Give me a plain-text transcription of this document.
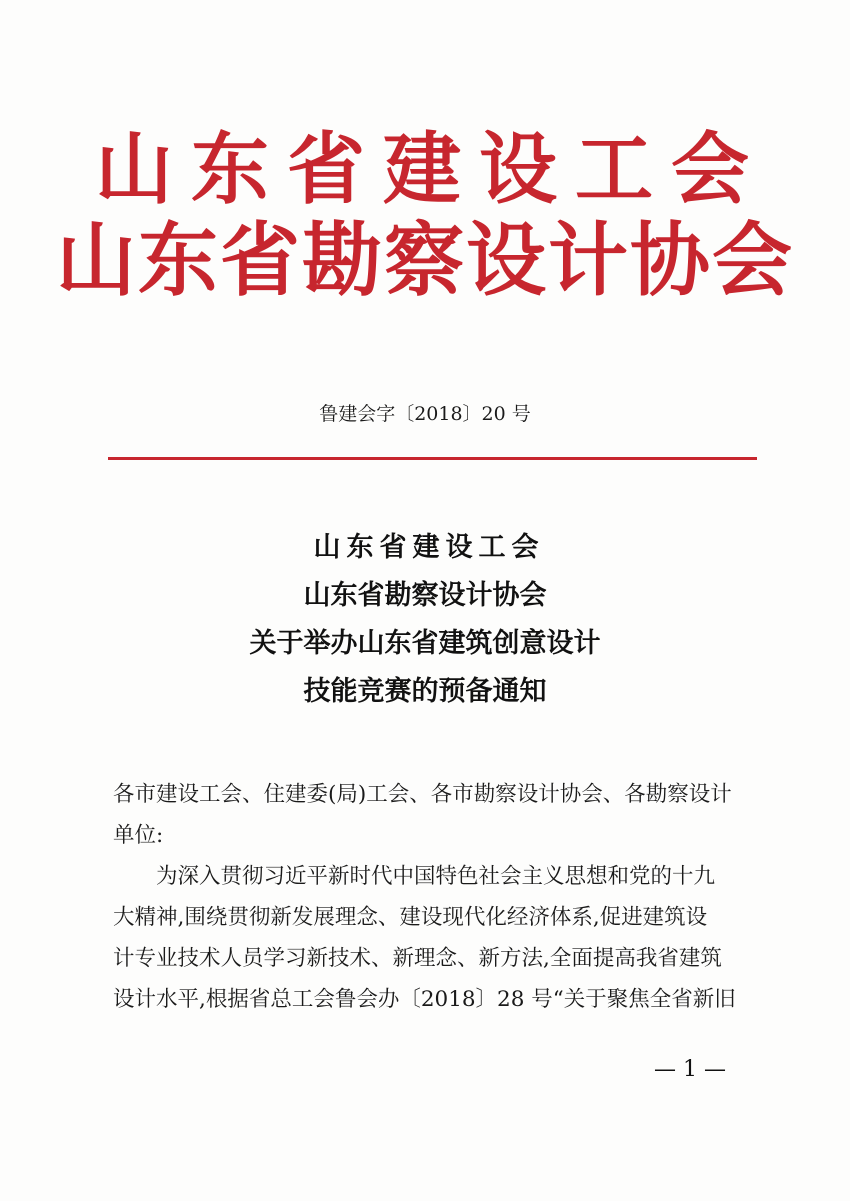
山东省建设工会
山东省勘察设计协会
鲁建会字〔2018〕20 号
山东省建设工会
山东省勘察设计协会
关于举办山东省建筑创意设计
技能竞赛的预备通知
各市建设工会、住建委(局)工会、各市勘察设计协会、各勘察设计
单位:
　　为深入贯彻习近平新时代中国特色社会主义思想和党的十九
大精神,围绕贯彻新发展理念、建设现代化经济体系,促进建筑设
计专业技术人员学习新技术、新理念、新方法,全面提高我省建筑
设计水平,根据省总工会鲁会办〔2018〕28 号“关于聚焦全省新旧
— 1 —
